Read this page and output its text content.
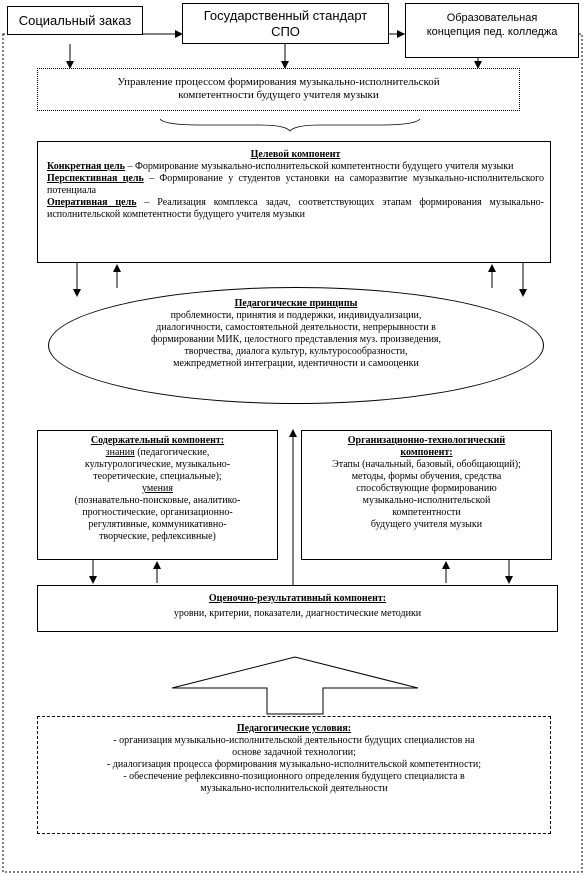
Социальный заказ	Государственный стандарт
СПО
Образовательная
концепция пед. колледжа
Управление процессом формирования музыкально-исполнительской
компетентности будущего учителя музыки
Целевой компонент
Конкретная цель – Формирование музыкально-исполнительской компетентности будущего учителя музыки
Перспективная цель – Формирование у студентов установки на саморазвитие музыкально-исполнительского потенциала
Оперативная цель – Реализация комплекса задач, соответствующих этапам формирования музыкально-исполнительской компетентности будущего учителя музыки
Педагогические принципы
проблемности, принятия и поддержки, индивидуализации,
диалогичности, самостоятельной деятельности, непрерывности в
формировании МИК, целостного представления муз. произведения,
творчества, диалога культур, культуросообразности,
межпредметной интеграции, идентичности и самооценки
Содержательный компонент:
знания (педагогические,
культурологические, музыкально-
теоретические, специальные);
умения
(познавательно-поисковые, аналитико-
прогностические, организационно-
регулятивные, коммуникативно-
творческие, рефлексивные)
Организационно-технологический
компонент:
Этапы (начальный, базовый, обобщающий);
методы, формы обучения, средства
способствующие формированию
музыкально-исполнительской
компетентности
будущего учителя музыки
Оценочно-результативный компонент:
уровни, критерии, показатели, диагностические методики
Педагогические условия:
- организация музыкально-исполнительской деятельности будущих специалистов на
основе задачной технологии;
- диалогизация процесса формирования музыкально-исполнительской компетентности;
- обеспечение рефлексивно-позиционного определения будущего специалиста в
музыкально-исполнительской деятельности
